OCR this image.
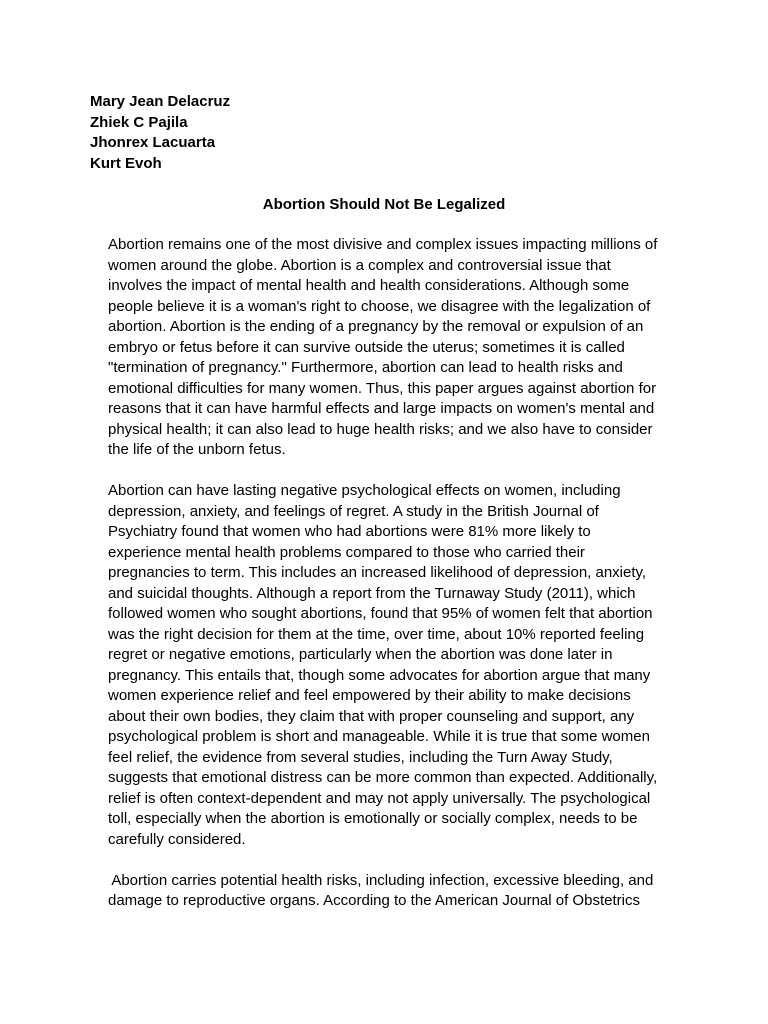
Mary Jean Delacruz
Zhiek C Pajila
Jhonrex Lacuarta
Kurt Evoh
Abortion Should Not Be Legalized
Abortion remains one of the most divisive and complex issues impacting millions of
women around the globe. Abortion is a complex and controversial issue that
involves the impact of mental health and health considerations. Although some
people believe it is a woman's right to choose, we disagree with the legalization of
abortion. Abortion is the ending of a pregnancy by the removal or expulsion of an
embryo or fetus before it can survive outside the uterus; sometimes it is called
"termination of pregnancy." Furthermore, abortion can lead to health risks and
emotional difficulties for many women. Thus, this paper argues against abortion for
reasons that it can have harmful effects and large impacts on women's mental and
physical health; it can also lead to huge health risks; and we also have to consider
the life of the unborn fetus.
Abortion can have lasting negative psychological effects on women, including
depression, anxiety, and feelings of regret. A study in the British Journal of
Psychiatry found that women who had abortions were 81% more likely to
experience mental health problems compared to those who carried their
pregnancies to term. This includes an increased likelihood of depression, anxiety,
and suicidal thoughts. Although a report from the Turnaway Study (2011), which
followed women who sought abortions, found that 95% of women felt that abortion
was the right decision for them at the time, over time, about 10% reported feeling
regret or negative emotions, particularly when the abortion was done later in
pregnancy. This entails that, though some advocates for abortion argue that many
women experience relief and feel empowered by their ability to make decisions
about their own bodies, they claim that with proper counseling and support, any
psychological problem is short and manageable. While it is true that some women
feel relief, the evidence from several studies, including the Turn Away Study,
suggests that emotional distress can be more common than expected. Additionally,
relief is often context-dependent and may not apply universally. The psychological
toll, especially when the abortion is emotionally or socially complex, needs to be
carefully considered.
Abortion carries potential health risks, including infection, excessive bleeding, and
damage to reproductive organs. According to the American Journal of Obstetrics
